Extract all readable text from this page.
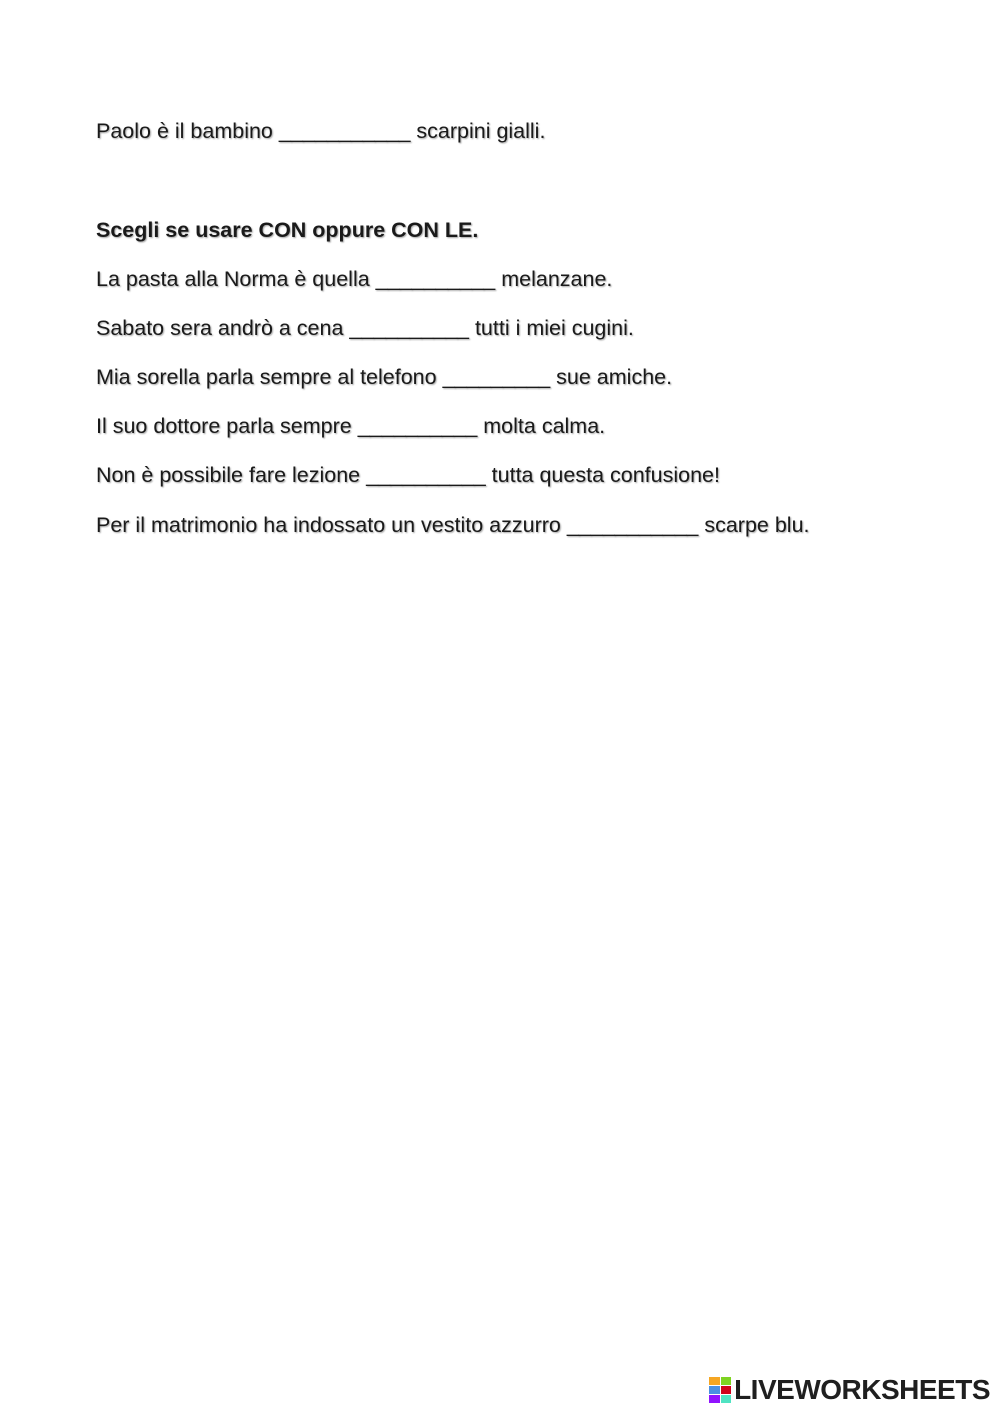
Paolo è il bambino ___________ scarpini gialli.
Scegli se usare CON oppure CON LE.
La pasta alla Norma è quella __________ melanzane.
Sabato sera andrò a cena __________ tutti i miei cugini.
Mia sorella parla sempre al telefono _________ sue amiche.
Il suo dottore parla sempre __________ molta calma.
Non è possibile fare lezione __________ tutta questa confusione!
Per il matrimonio ha indossato un vestito azzurro ___________ scarpe blu.
LIVEWORKSHEETS
